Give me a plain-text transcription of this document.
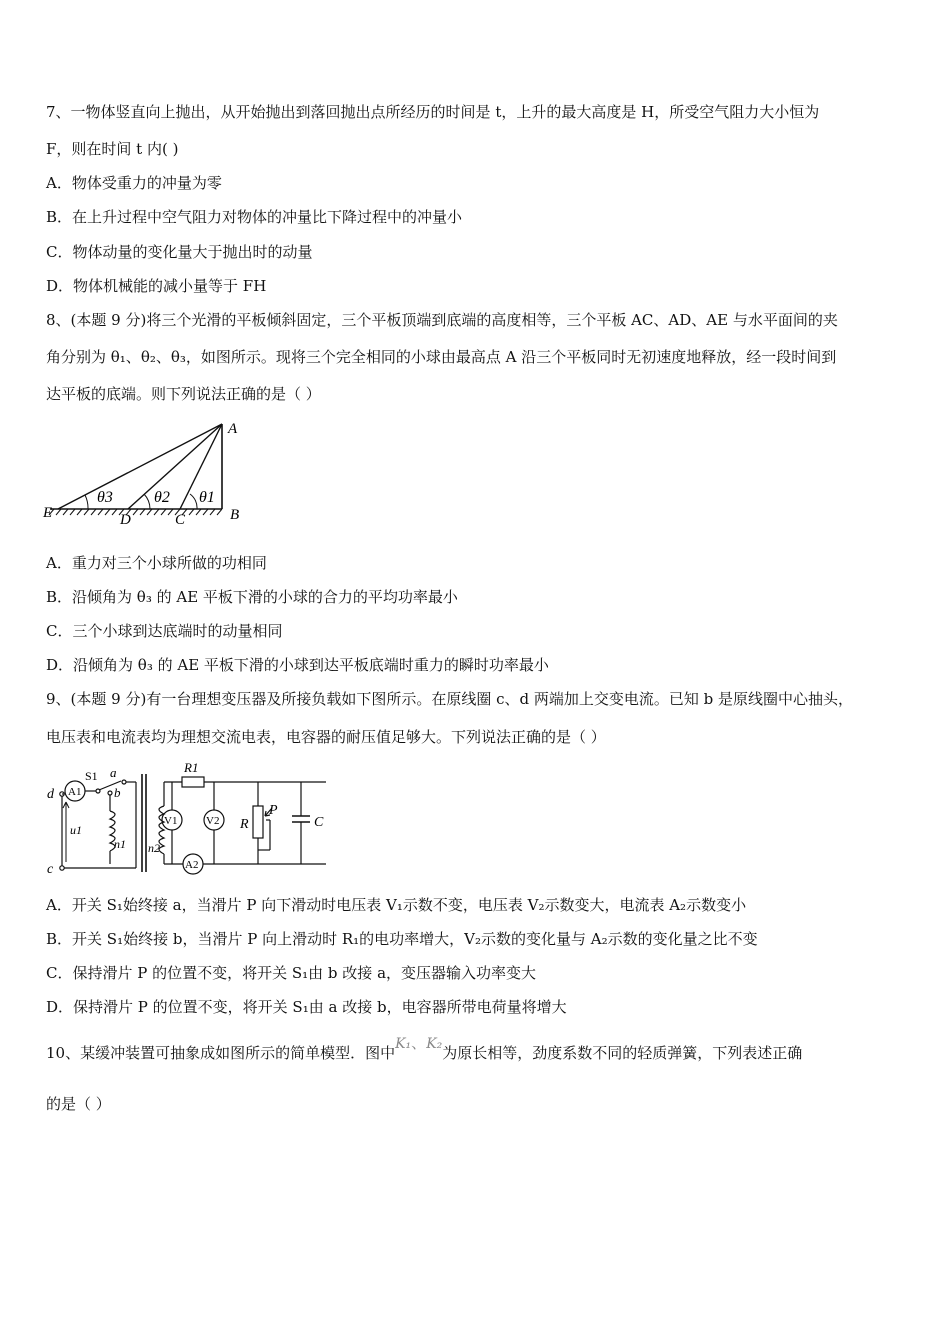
7、一物体竖直向上抛出，从开始抛出到落回抛出点所经历的时间是 t，上升的最大高度是 H，所受空气阻力大小恒为
F，则在时间 t 内( )
A．物体受重力的冲量为零
B．在上升过程中空气阻力对物体的冲量比下降过程中的冲量小
C．物体动量的变化量大于抛出时的动量
D．物体机械能的减小量等于 FH
8、(本题 9 分)将三个光滑的平板倾斜固定，三个平板顶端到底端的高度相等，三个平板 AC、AD、AE 与水平面间的夹
角分别为 θ₁、θ₂、θ₃，如图所示。现将三个完全相同的小球由最高点 A 沿三个平板同时无初速度地释放，经一段时间到
达平板的底端。则下列说法正确的是（ ）
A
B
C
D
E
θ3	θ2 θ1
A．重力对三个小球所做的功相同
B．沿倾角为 θ₃ 的 AE 平板下滑的小球的合力的平均功率最小
C．三个小球到达底端时的动量相同
D．沿倾角为 θ₃ 的 AE 平板下滑的小球到达平板底端时重力的瞬时功率最小
9、(本题 9 分)有一台理想变压器及所接负载如下图所示。在原线圈 c、d 两端加上交变电流。已知 b 是原线圈中心抽头，
电压表和电流表均为理想交流电表，电容器的耐压值足够大。下列说法正确的是（ ）
d
c
A1
S1 a
b
u1
n1 n2
R1
V1	V2
A2
R
P
C
A．开关 S₁始终接 a，当滑片 P 向下滑动时电压表 V₁示数不变，电压表 V₂示数变大，电流表 A₂示数变小
B．开关 S₁始终接 b，当滑片 P 向上滑动时 R₁的电功率增大，V₂示数的变化量与 A₂示数的变化量之比不变
C．保持滑片 P 的位置不变，将开关 S₁由 b 改接 a，变压器输入功率变大
D．保持滑片 P 的位置不变，将开关 S₁由 a 改接 b，电容器所带电荷量将增大
10、某缓冲装置可抽象成如图所示的简单模型．图中K₁、K₂为原长相等，劲度系数不同的轻质弹簧，下列表述正确
的是（ ）
